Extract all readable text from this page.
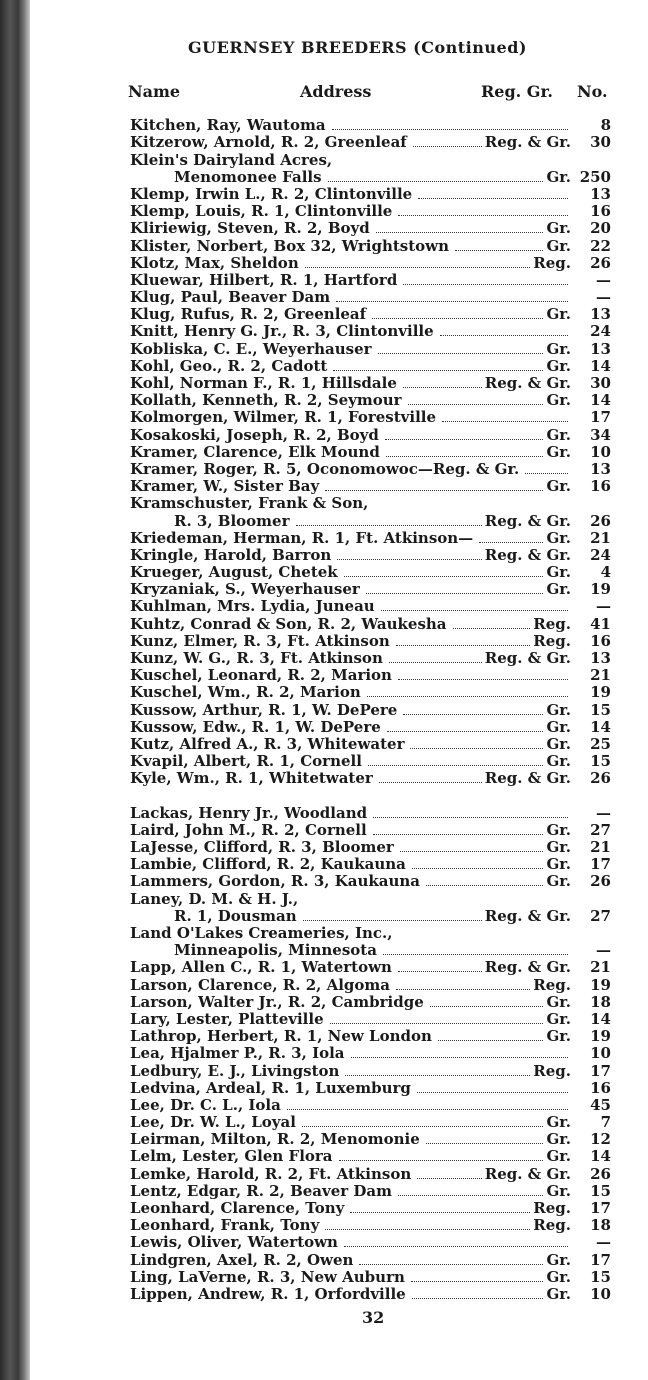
GUERNSEY BREEDERS (Continued)
Name	Address	Reg. Gr. No.
Kitchen, Ray, Wautoma	8
Kitzerow, Arnold, R. 2, Greenleaf	Reg. & Gr.	30
Klein's Dairyland Acres,
Menomonee Falls	Gr. 250
Klemp, Irwin L., R. 2, Clintonville	13
Klemp, Louis, R. 1, Clintonville	16
Kliriewig, Steven, R. 2, Boyd	Gr.	20
Klister, Norbert, Box 32, Wrightstown	Gr.	22
Klotz, Max, Sheldon	Reg.	26
Kluewar, Hilbert, R. 1, Hartford	—
Klug, Paul, Beaver Dam	—
Klug, Rufus, R. 2, Greenleaf	Gr.	13
Knitt, Henry G. Jr., R. 3, Clintonville	24
Kobliska, C. E., Weyerhauser	Gr.	13
Kohl, Geo., R. 2, Cadott	Gr.	14
Kohl, Norman F., R. 1, Hillsdale	Reg. & Gr.	30
Kollath, Kenneth, R. 2, Seymour	Gr.	14
Kolmorgen, Wilmer, R. 1, Forestville	17
Kosakoski, Joseph, R. 2, Boyd	Gr.	34
Kramer, Clarence, Elk Mound	Gr.	10
Kramer, Roger, R. 5, Oconomowoc—Reg. & Gr.	13
Kramer, W., Sister Bay	Gr.	16
Kramschuster, Frank & Son,
R. 3, Bloomer	Reg. & Gr.	26
Kriedeman, Herman, R. 1, Ft. Atkinson—	Gr.	21
Kringle, Harold, Barron	Reg. & Gr.	24
Krueger, August, Chetek	Gr.	4
Kryzaniak, S., Weyerhauser	Gr.	19
Kuhlman, Mrs. Lydia, Juneau	—
Kuhtz, Conrad & Son, R. 2, Waukesha	Reg.	41
Kunz, Elmer, R. 3, Ft. Atkinson	Reg.	16
Kunz, W. G., R. 3, Ft. Atkinson	Reg. & Gr.	13
Kuschel, Leonard, R. 2, Marion	21
Kuschel, Wm., R. 2, Marion	19
Kussow, Arthur, R. 1, W. DePere	Gr.	15
Kussow, Edw., R. 1, W. DePere	Gr.	14
Kutz, Alfred A., R. 3, Whitewater	Gr.	25
Kvapil, Albert, R. 1, Cornell	Gr.	15
Kyle, Wm., R. 1, Whitetwater	Reg. & Gr.	26
Lackas, Henry Jr., Woodland	—
Laird, John M., R. 2, Cornell	Gr.	27
LaJesse, Clifford, R. 3, Bloomer	Gr.	21
Lambie, Clifford, R. 2, Kaukauna	Gr.	17
Lammers, Gordon, R. 3, Kaukauna	Gr.	26
Laney, D. M. & H. J.,
R. 1, Dousman	Reg. & Gr.	27
Land O'Lakes Creameries, Inc.,
Minneapolis, Minnesota	—
Lapp, Allen C., R. 1, Watertown	Reg. & Gr.	21
Larson, Clarence, R. 2, Algoma	Reg.	19
Larson, Walter Jr., R. 2, Cambridge	Gr.	18
Lary, Lester, Platteville	Gr.	14
Lathrop, Herbert, R. 1, New London	Gr.	19
Lea, Hjalmer P., R. 3, Iola	10
Ledbury, E. J., Livingston	Reg.	17
Ledvina, Ardeal, R. 1, Luxemburg	16
Lee, Dr. C. L., Iola	45
Lee, Dr. W. L., Loyal	Gr.	7
Leirman, Milton, R. 2, Menomonie	Gr.	12
Lelm, Lester, Glen Flora	Gr.	14
Lemke, Harold, R. 2, Ft. Atkinson	Reg. & Gr.	26
Lentz, Edgar, R. 2, Beaver Dam	Gr.	15
Leonhard, Clarence, Tony	Reg.	17
Leonhard, Frank, Tony	Reg.	18
Lewis, Oliver, Watertown	—
Lindgren, Axel, R. 2, Owen	Gr.	17
Ling, LaVerne, R. 3, New Auburn	Gr.	15
Lippen, Andrew, R. 1, Orfordville	Gr.	10
32
